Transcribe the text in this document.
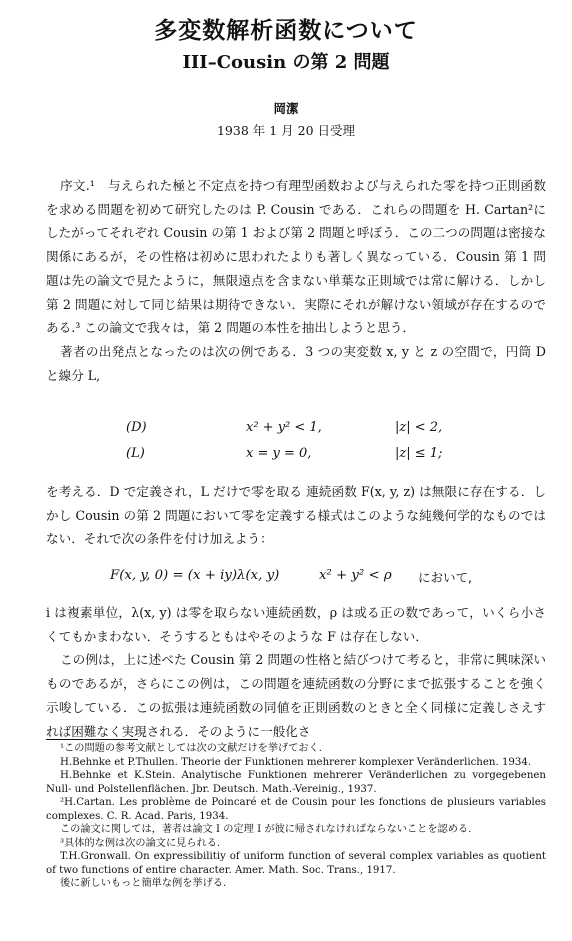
多変数解析函数について
III–Cousin の第 2 問題
岡潔
1938 年 1 月 20 日受理

序文.¹　与えられた極と不定点を持つ有理型函数および与えられた零を持つ正則函数を求める問題を初めて研究したのは P. Cousin である．これらの問題を H. Cartan²にしたがってそれぞれ Cousin の第 1 および第 2 問題と呼ぼう．この二つの問題は密接な関係にあるが，その性格は初めに思われたよりも著しく異なっている．Cousin 第 1 問題は先の論文で見たように，無限遠点を含まない単葉な正則域では常に解ける．しかし第 2 問題に対して同じ結果は期待できない．実際にそれが解けない領域が存在するのである.³ この論文で我々は，第 2 問題の本性を抽出しようと思う．

著者の出発点となったのは次の例である．3 つの実変数 x, y と z の空間で，円筒 D と線分 L,

(D)	x² + y² < 1,	|z| < 2,
(L)	x = y = 0,	|z| ≤ 1;

を考える．D で定義され，L だけで零を取る 連続函数 F(x, y, z) は無限に存在する．しかし Cousin の第 2 問題において零を定義する様式はこのような純幾何学的なものではない．それで次の条件を付け加えよう：

F(x, y, 0) = (x + iy)λ(x, y)	x² + y² < ρ において,

i は複素単位，λ(x, y) は零を取らない連続函数，ρ は或る正の数であって，いくら小さくてもかまわない．そうするともはやそのような F は存在しない．

この例は，上に述べた Cousin 第 2 問題の性格と結びつけて考ると，非常に興味深いものであるが，さらにこの例は，この問題を連続函数の分野にまで拡張することを強く示唆している．この拡張は連続函数の同値を正則函数のときと全く同様に定義しさえすれば困難なく実現される．そのように一般化さ

¹この問題の参考文献としては次の文献だけを挙げておく.

H.Behnke et P.Thullen. Theorie der Funktionen mehrerer komplexer Veränderlichen. 1934.

H.Behnke et K.Stein. Analytische Funktionen mehrerer Veränderlichen zu vorgegebenen Null- und Polstellenflächen. Jbr. Deutsch. Math.-Vereinig., 1937.

²H.Cartan. Les problème de Poincaré et de Cousin pour les fonctions de plusieurs variables complexes. C. R. Acad. Paris, 1934.

この論文に関しては，著者は論文 I の定理 I が彼に帰されなければならないことを認める.

³具体的な例は次の論文に見られる.

T.H.Gronwall. On expressibilitiy of uniform function of several complex variables as quotient of two functions of entire character. Amer. Math. Soc. Trans., 1917.

後に新しいもっと簡単な例を挙げる.
